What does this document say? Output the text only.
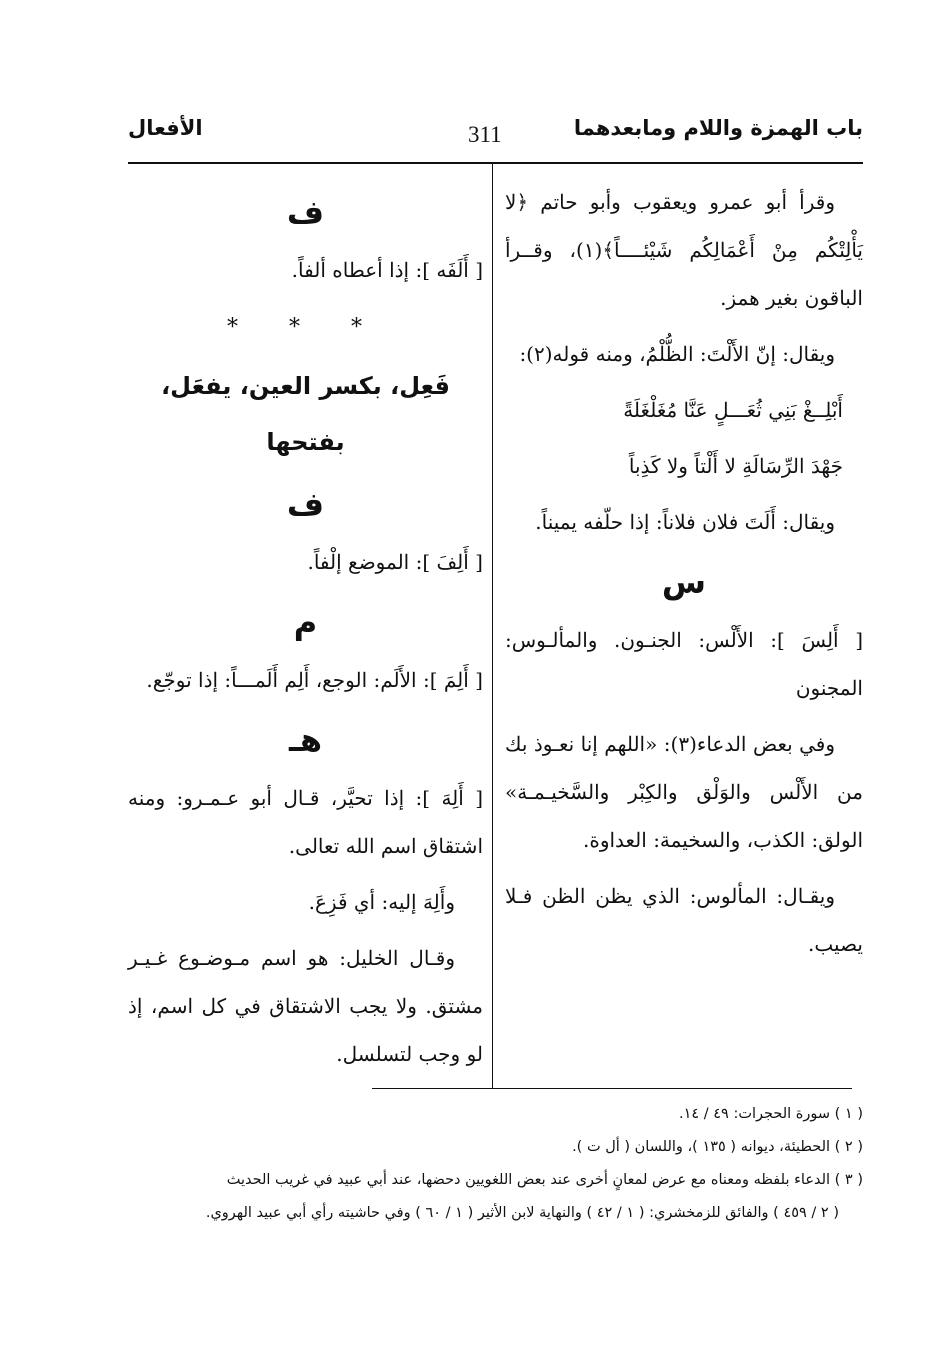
باب الهمزة واللام ومابعدهما
311
الأفعال

وقرأ أبو عمرو ويعقوب وأبو حاتم ﴿لا يَأْلِتْكُم مِنْ أَعْمَالِكُم شَيْئــــاً﴾(١)، وقــرأ الباقون بغير همز.

ويقال: إنّ الأَلْتَ: الظُّلْمُ، ومنه قوله(٢):

أَبْلِــغْ بَنِي ثُعَـــلٍ عَنَّا مُغَلْغَلَةً

جَهْدَ الرِّسَالَةِ لا أَلْتاً ولا كَذِباً

ويقال: أَلَتَ فلان فلاناً: إذا حلّفه يميناً.

س

[ أَلِسَ ]: الأَلْس: الجنـون. والمألـوس: المجنون

وفي بعض الدعاء(٣): «اللهم إنا نعـوذ بك من الأَلْس والوَلْق والكِبْر والسَّخيـمـة» الولق: الكذب، والسخيمة: العداوة.

ويقـال: المألوس: الذي يظن الظن فـلا يصيب.

ف

[ أَلَفَه ]: إذا أعطاه ألفاً.

* * *
فَعِل، بكسر العين، يفعَل، بفتحها
ف

[ أَلِفَ ]: الموضع إلْفاً.

م

[ أَلِمَ ]: الأَلَم: الوجع، أَلِم أَلَمـــاً: إذا توجّع.

هـ

[ أَلِهَ ]: إذا تحيَّر، قـال أبو عـمـرو: ومنه اشتقاق اسم الله تعالى.

وأَلِهَ إليه: أي فَزِعَ.

وقـال الخليل: هو اسم مـوضـوع غـيـر مشتق. ولا يجب الاشتقاق في كل اسم، إذ لو وجب لتسلسل.

( ١ ) سورة الحجرات: ٤٩ / ١٤.

( ٢ ) الحطيئة، ديوانه ( ١٣٥ )، واللسان ( أل ت ).

( ٣ ) الدعاء بلفظه ومعناه مع عرض لمعانٍ أخرى عند بعض اللغويين دحضها، عند أبي عبيد في غريب الحديث

( ٢ / ٤٥٩ ) والفائق للزمخشري: ( ١ / ٤٢ ) والنهاية لابن الأثير ( ١ / ٦٠ ) وفي حاشيته رأي أبي عبيد الهروي.
